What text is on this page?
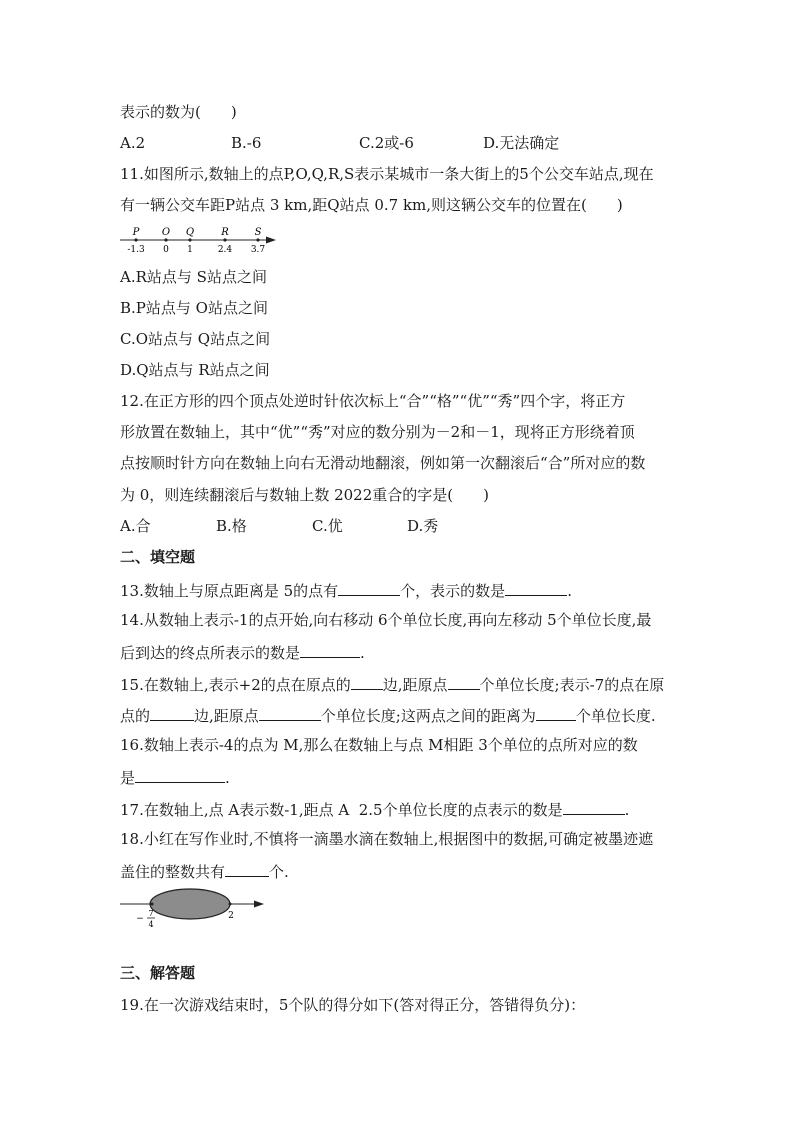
表示的数为(　　)
A.2	B.-6	C.2或-6	D.无法确定
11.如图所示,数轴上的点P,O,Q,R,S表示某城市一条大街上的5个公交车站点,现在
有一辆公交车距P站点 3 km,距Q站点 0.7 km,则这辆公交车的位置在(　　)
P
-1.3
O
0
Q
1
R
2.4
S
3.7
A.R站点与 S站点之间
B.P站点与 O站点之间
C.O站点与 Q站点之间
D.Q站点与 R站点之间
12.在正方形的四个顶点处逆时针依次标上“合”“格”“优”“秀”四个字，将正方
形放置在数轴上，其中“优”“秀”对应的数分别为－2和－1，现将正方形绕着顶
点按顺时针方向在数轴上向右无滑动地翻滚，例如第一次翻滚后“合”所对应的数
为 0，则连续翻滚后与数轴上数 2022重合的字是(　　)
A.合	B.格	C.优	D.秀
二、填空题
13.数轴上与原点距离是 5的点有	个，表示的数是	.
14.从数轴上表示-1的点开始,向右移动 6个单位长度,再向左移动 5个单位长度,最
后到达的终点所表示的数是	.
15.在数轴上,表示+2的点在原点的 边,距原点 个单位长度;表示-7的点在原
点的	边,距原点	个单位长度;这两点之间的距离为	个单位长度.
16.数轴上表示-4的点为 M,那么在数轴上与点 M相距 3个单位的点所对应的数
是	.
17.在数轴上,点 A表示数-1,距点 A  2.5个单位长度的点表示的数是	.
18.小红在写作业时,不慎将一滴墨水滴在数轴上,根据图中的数据,可确定被墨迹遮
盖住的整数共有	个.
−
7
4
2
三、解答题
19.在一次游戏结束时，5个队的得分如下(答对得正分，答错得负分)：
